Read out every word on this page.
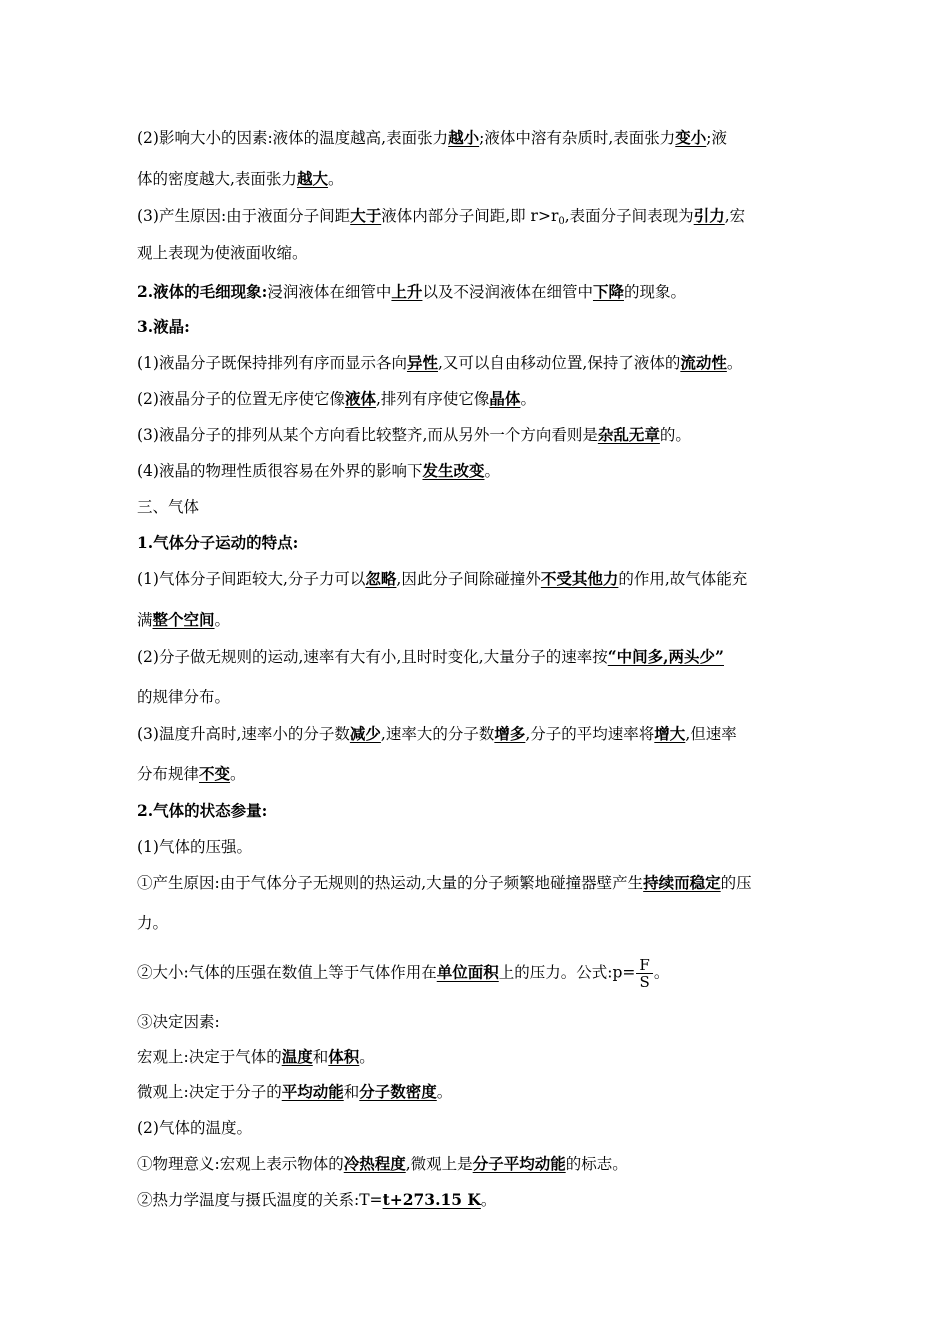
(2)影响大小的因素:液体的温度越高,表面张力越小;液体中溶有杂质时,表面张力变小;液
体的密度越大,表面张力越大。
(3)产生原因:由于液面分子间距大于液体内部分子间距,即 $r>r_0$,表面分子间表现为引力,宏
观上表现为使液面收缩。
2.液体的毛细现象:浸润液体在细管中上升以及不浸润液体在细管中下降的现象。
3.液晶:
(1)液晶分子既保持排列有序而显示各向异性,又可以自由移动位置,保持了液体的流动性。
(2)液晶分子的位置无序使它像液体,排列有序使它像晶体。
(3)液晶分子的排列从某个方向看比较整齐,而从另外一个方向看则是杂乱无章的。
(4)液晶的物理性质很容易在外界的影响下发生改变。
三、气体
1.气体分子运动的特点:
(1)气体分子间距较大,分子力可以忽略,因此分子间除碰撞外不受其他力的作用,故气体能充
满整个空间。
(2)分子做无规则的运动,速率有大有小,且时时变化,大量分子的速率按“中间多,两头少”
的规律分布。
(3)温度升高时,速率小的分子数减少,速率大的分子数增多,分子的平均速率将增大,但速率
分布规律不变。
2.气体的状态参量:
(1)气体的压强。
①产生原因:由于气体分子无规则的热运动,大量的分子频繁地碰撞器壁产生持续而稳定的压
力。
②大小:气体的压强在数值上等于气体作用在单位面积上的压力。公式:p= $\frac{F}{S}$ 。
③决定因素:
宏观上:决定于气体的温度和体积。
微观上:决定于分子的平均动能和分子数密度。
(2)气体的温度。
①物理意义:宏观上表示物体的冷热程度,微观上是分子平均动能的标志。
②热力学温度与摄氏温度的关系:T=t+273.15 K。
